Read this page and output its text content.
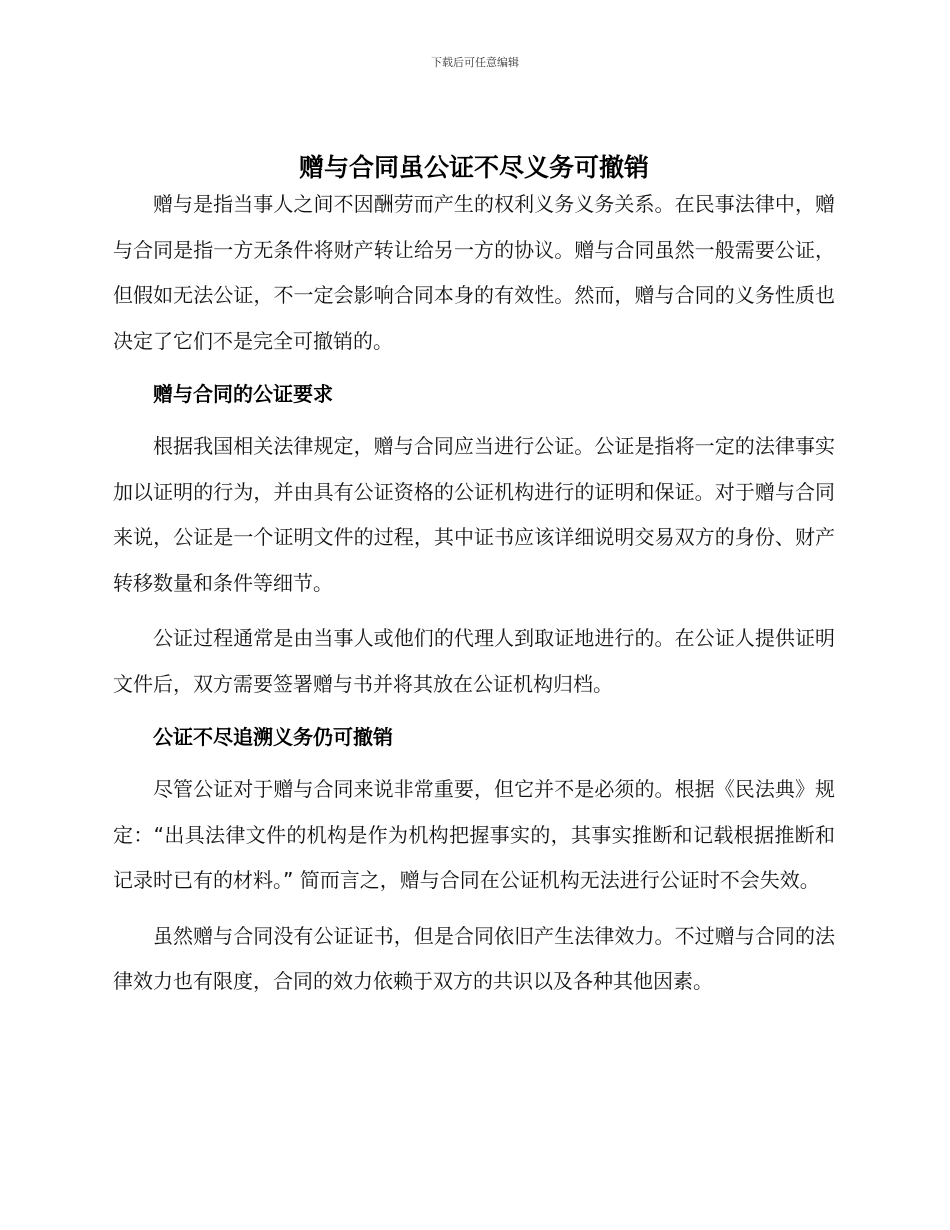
下载后可任意编辑
赠与合同虽公证不尽义务可撤销

赠与是指当事人之间不因酬劳而产生的权利义务义务关系。在民事法律中，赠与合同是指一方无条件将财产转让给另一方的协议。赠与合同虽然一般需要公证，但假如无法公证，不一定会影响合同本身的有效性。然而，赠与合同的义务性质也决定了它们不是完全可撤销的。

赠与合同的公证要求

根据我国相关法律规定，赠与合同应当进行公证。公证是指将一定的法律事实加以证明的行为，并由具有公证资格的公证机构进行的证明和保证。对于赠与合同来说，公证是一个证明文件的过程，其中证书应该详细说明交易双方的身份、财产转移数量和条件等细节。

公证过程通常是由当事人或他们的代理人到取证地进行的。在公证人提供证明文件后，双方需要签署赠与书并将其放在公证机构归档。

公证不尽追溯义务仍可撤销

尽管公证对于赠与合同来说非常重要，但它并不是必须的。根据《民法典》规定：“出具法律文件的机构是作为机构把握事实的，其事实推断和记载根据推断和记录时已有的材料。” 简而言之，赠与合同在公证机构无法进行公证时不会失效。

虽然赠与合同没有公证证书，但是合同依旧产生法律效力。不过赠与合同的法律效力也有限度，合同的效力依赖于双方的共识以及各种其他因素。
